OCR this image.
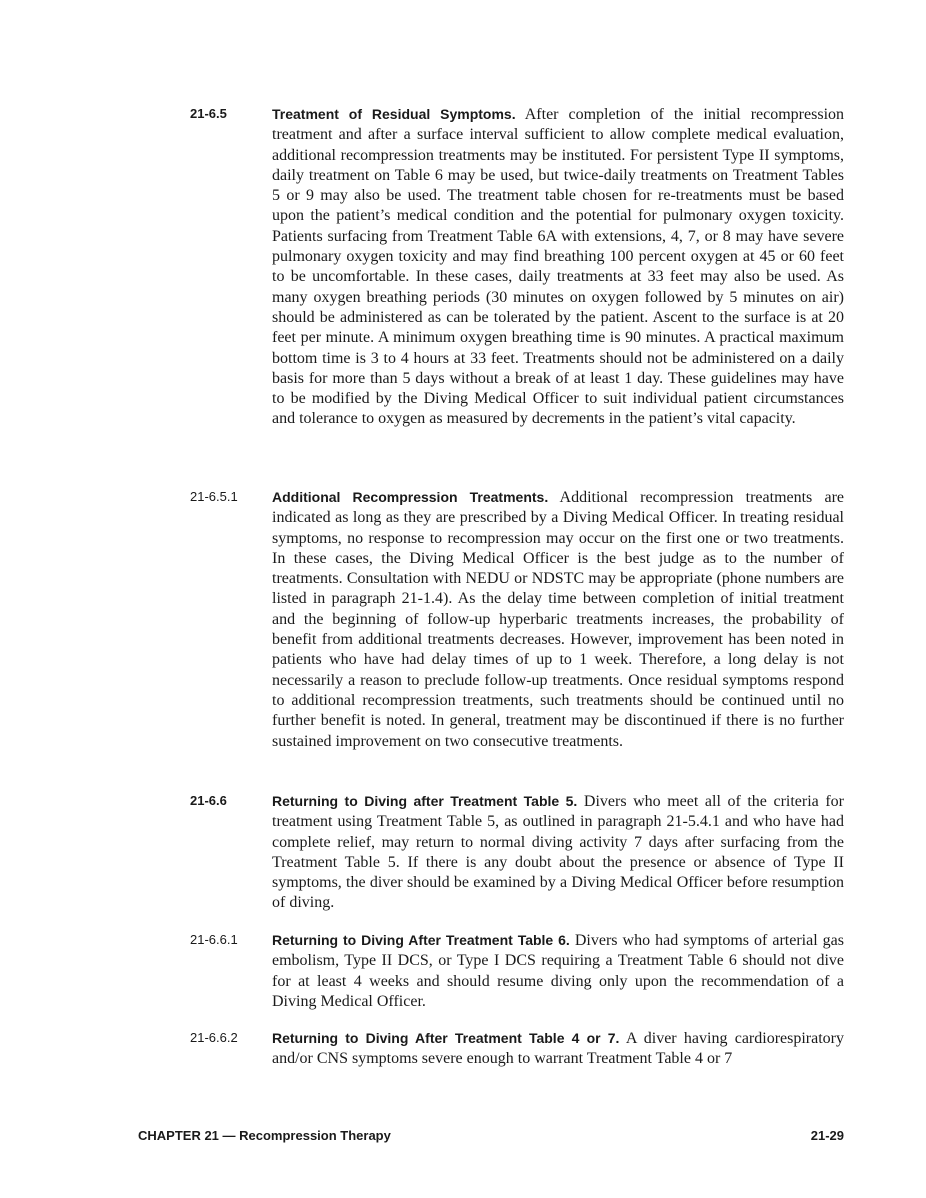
21-6.5	Treatment of Residual Symptoms. After completion of the initial recompression treatment and after a surface interval sufficient to allow complete medical evaluation, additional recompression treatments may be instituted. For persistent Type II symptoms, daily treatment on Table 6 may be used, but twice-daily treatments on Treatment Tables 5 or 9 may also be used. The treatment table chosen for re-treatments must be based upon the patient’s medical condition and the potential for pulmonary oxygen toxicity. Patients surfacing from Treatment Table 6A with extensions, 4, 7, or 8 may have severe pulmonary oxygen toxicity and may find breathing 100 percent oxygen at 45 or 60 feet to be uncomfortable. In these cases, daily treatments at 33 feet may also be used. As many oxygen breathing periods (30 minutes on oxygen followed by 5 minutes on air) should be administered as can be tolerated by the patient. Ascent to the surface is at 20 feet per minute. A minimum oxygen breathing time is 90 minutes. A practical maximum bottom time is 3 to 4 hours at 33 feet. Treatments should not be administered on a daily basis for more than 5 days without a break of at least 1 day. These guidelines may have to be modified by the Diving Medical Officer to suit individual patient circumstances and tolerance to oxygen as measured by decrements in the patient’s vital capacity.
21-6.5.1 Additional Recompression Treatments. Additional recompression treatments are indicated as long as they are prescribed by a Diving Medical Officer. In treating residual symptoms, no response to recompression may occur on the first one or two treatments. In these cases, the Diving Medical Officer is the best judge as to the number of treatments. Consultation with NEDU or NDSTC may be appropriate (phone numbers are listed in paragraph 21-1.4). As the delay time between completion of initial treatment and the beginning of follow-up hyperbaric treatments increases, the probability of benefit from additional treatments decreases. However, improvement has been noted in patients who have had delay times of up to 1 week. Therefore, a long delay is not necessarily a reason to preclude follow-up treatments. Once residual symptoms respond to additional recompression treatments, such treatments should be continued until no further benefit is noted. In general, treatment may be discontinued if there is no further sustained improvement on two consecutive treatments.
21-6.6	Returning to Diving after Treatment Table 5. Divers who meet all of the criteria for treatment using Treatment Table 5, as outlined in paragraph 21-5.4.1 and who have had complete relief, may return to normal diving activity 7 days after surfacing from the Treatment Table 5. If there is any doubt about the presence or absence of Type II symptoms, the diver should be examined by a Diving Medical Officer before resumption of diving.
21-6.6.1 Returning to Diving After Treatment Table 6. Divers who had symptoms of arterial gas embolism, Type II DCS, or Type I DCS requiring a Treatment Table 6 should not dive for at least 4 weeks and should resume diving only upon the recommendation of a Diving Medical Officer.
21-6.6.2 Returning to Diving After Treatment Table 4 or 7. A diver having cardiorespiratory and/or CNS symptoms severe enough to warrant Treatment Table 4 or 7
CHAPTER 21 — Recompression Therapy	21-29
